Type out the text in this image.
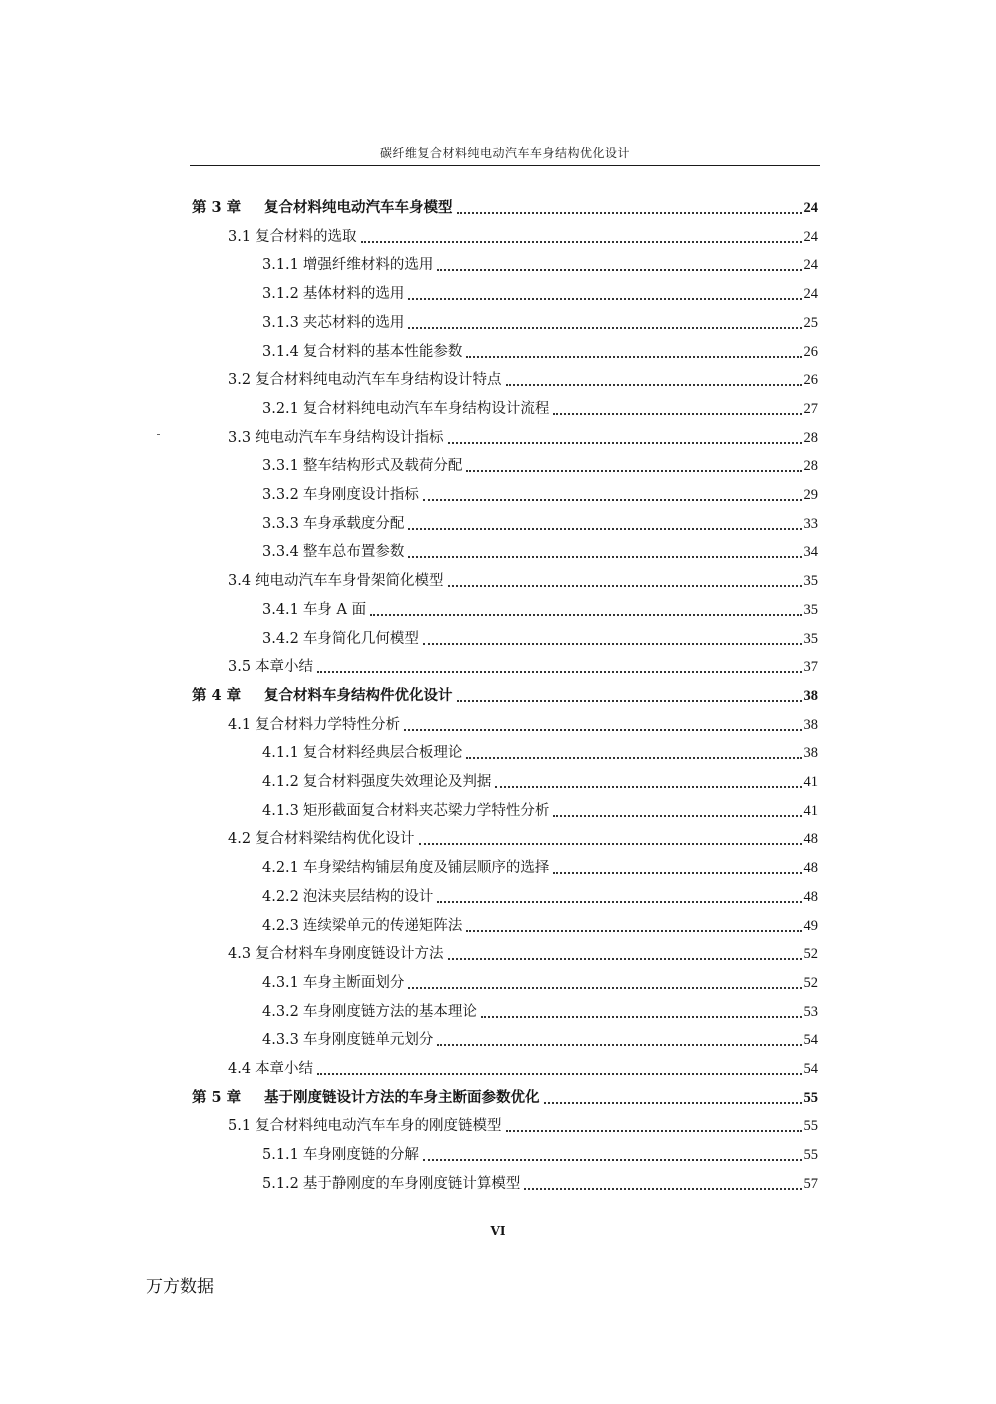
碳纤维复合材料纯电动汽车车身结构优化设计
第 3 章 复合材料纯电动汽车车身模型	24
3.1 复合材料的选取	24
3.1.1 增强纤维材料的选用	24
3.1.2 基体材料的选用	24
3.1.3 夹芯材料的选用	25
3.1.4 复合材料的基本性能参数	26
3.2 复合材料纯电动汽车车身结构设计特点	26
3.2.1 复合材料纯电动汽车车身结构设计流程	27
3.3 纯电动汽车车身结构设计指标	28
3.3.1 整车结构形式及载荷分配	28
3.3.2 车身刚度设计指标	29
3.3.3 车身承载度分配	33
3.3.4 整车总布置参数	34
3.4 纯电动汽车车身骨架简化模型	35
3.4.1 车身 A 面	35
3.4.2 车身简化几何模型	35
3.5 本章小结	37
第 4 章 复合材料车身结构件优化设计	38
4.1 复合材料力学特性分析	38
4.1.1 复合材料经典层合板理论	38
4.1.2 复合材料强度失效理论及判据	41
4.1.3 矩形截面复合材料夹芯梁力学特性分析	41
4.2 复合材料梁结构优化设计	48
4.2.1 车身梁结构铺层角度及铺层顺序的选择	48
4.2.2 泡沫夹层结构的设计	48
4.2.3 连续梁单元的传递矩阵法	49
4.3 复合材料车身刚度链设计方法	52
4.3.1 车身主断面划分	52
4.3.2 车身刚度链方法的基本理论	53
4.3.3 车身刚度链单元划分	54
4.4 本章小结	54
第 5 章 基于刚度链设计方法的车身主断面参数优化	55
5.1 复合材料纯电动汽车车身的刚度链模型	55
5.1.1 车身刚度链的分解	55
5.1.2 基于静刚度的车身刚度链计算模型	57
VI
万方数据
